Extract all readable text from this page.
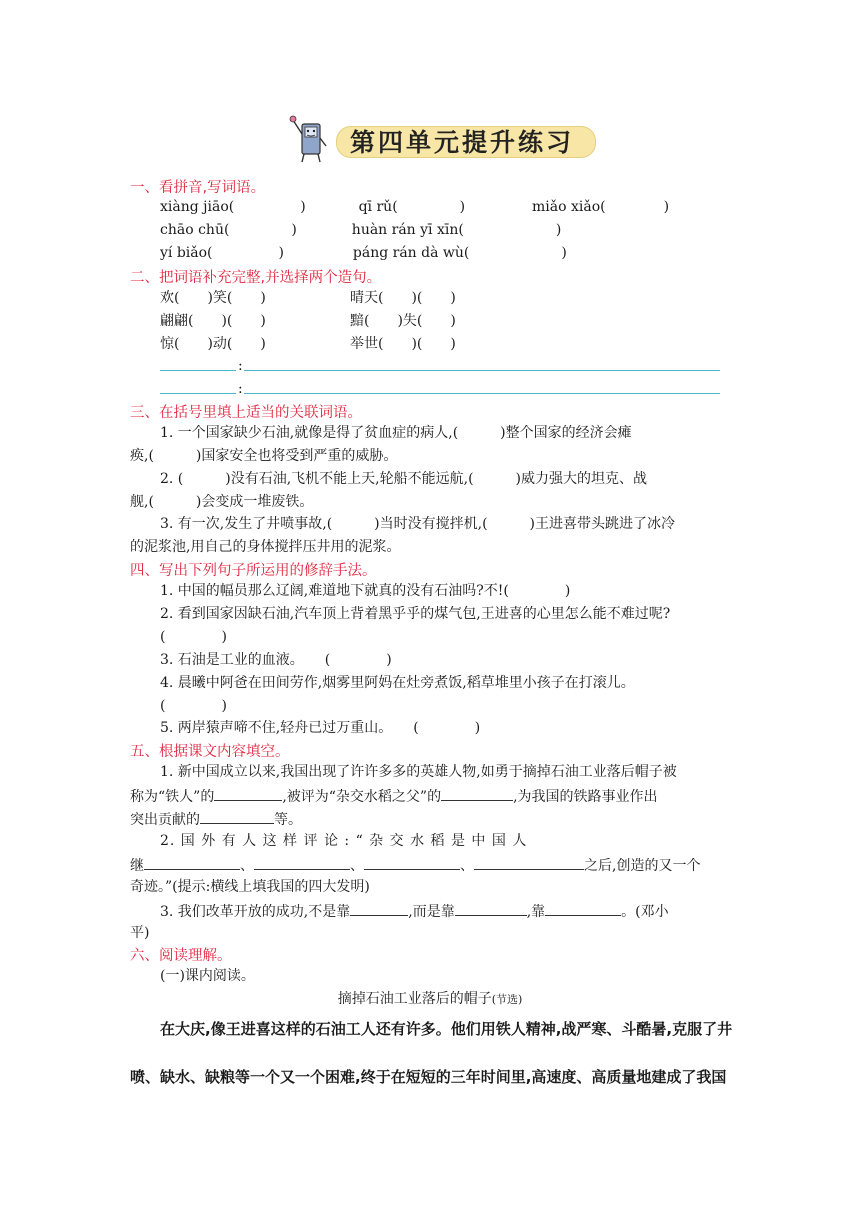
第四单元提升练习
一、看拼音,写词语。
xiàng jiāo(	)	qī rǔ(	)	miǎo xiǎo(	)
chāo chū(	)	huàn rán yī xīn(	)
yí biǎo(	)	páng rán dà wù(	)
二、把词语补充完整,并选择两个造句。
欢(　　)笑(　　)	晴天(　　)(　　)
翩翩(　　)(　　)	黯(　　)失(　　)
惊(　　)动(　　)	举世(　　)(　　)
:
:
三、在括号里填上适当的关联词语。
1. 一个国家缺少石油,就像是得了贫血症的病人,(　　　)整个国家的经济会瘫
痪,(　　　)国家安全也将受到严重的威胁。
2. (　　　)没有石油,飞机不能上天,轮船不能远航,(　　　)威力强大的坦克、战
舰,(　　　)会变成一堆废铁。
3. 有一次,发生了井喷事故,(　　　)当时没有搅拌机,(　　　)王进喜带头跳进了冰冷
的泥浆池,用自己的身体搅拌压井用的泥浆。
四、写出下列句子所运用的修辞手法。
1. 中国的幅员那么辽阔,难道地下就真的没有石油吗?不!(　　　　)
2. 看到国家因缺石油,汽车顶上背着黑乎乎的煤气包,王进喜的心里怎么能不难过呢?
(　　　　)
3. 石油是工业的血液。　　(　　　　)
4. 晨曦中阿爸在田间劳作,烟雾里阿妈在灶旁煮饭,稻草堆里小孩子在打滚儿。
(　　　　)
5. 两岸猿声啼不住,轻舟已过万重山。　　(　　　　)
五、根据课文内容填空。
1. 新中国成立以来,我国出现了许许多多的英雄人物,如勇于摘掉石油工业落后帽子被
称为“铁人”的	,被评为“杂交水稻之父”的	,为我国的铁路事业作出
突出贡献的	等。
2. 国 外 有 人 这 样 评 论 : “ 杂 交 水 稻 是 中 国 人
继	、	、	、	之后,创造的又一个
奇迹。”(提示:横线上填我国的四大发明)
3. 我们改革开放的成功,不是靠	,而是靠	,靠	。(邓小
平)
六、阅读理解。
(一)课内阅读。
摘掉石油工业落后的帽子(节选)
在大庆,像王进喜这样的石油工人还有许多。他们用铁人精神,战严寒、斗酷暑,克服了井
喷、缺水、缺粮等一个又一个困难,终于在短短的三年时间里,高速度、高质量地建成了我国
